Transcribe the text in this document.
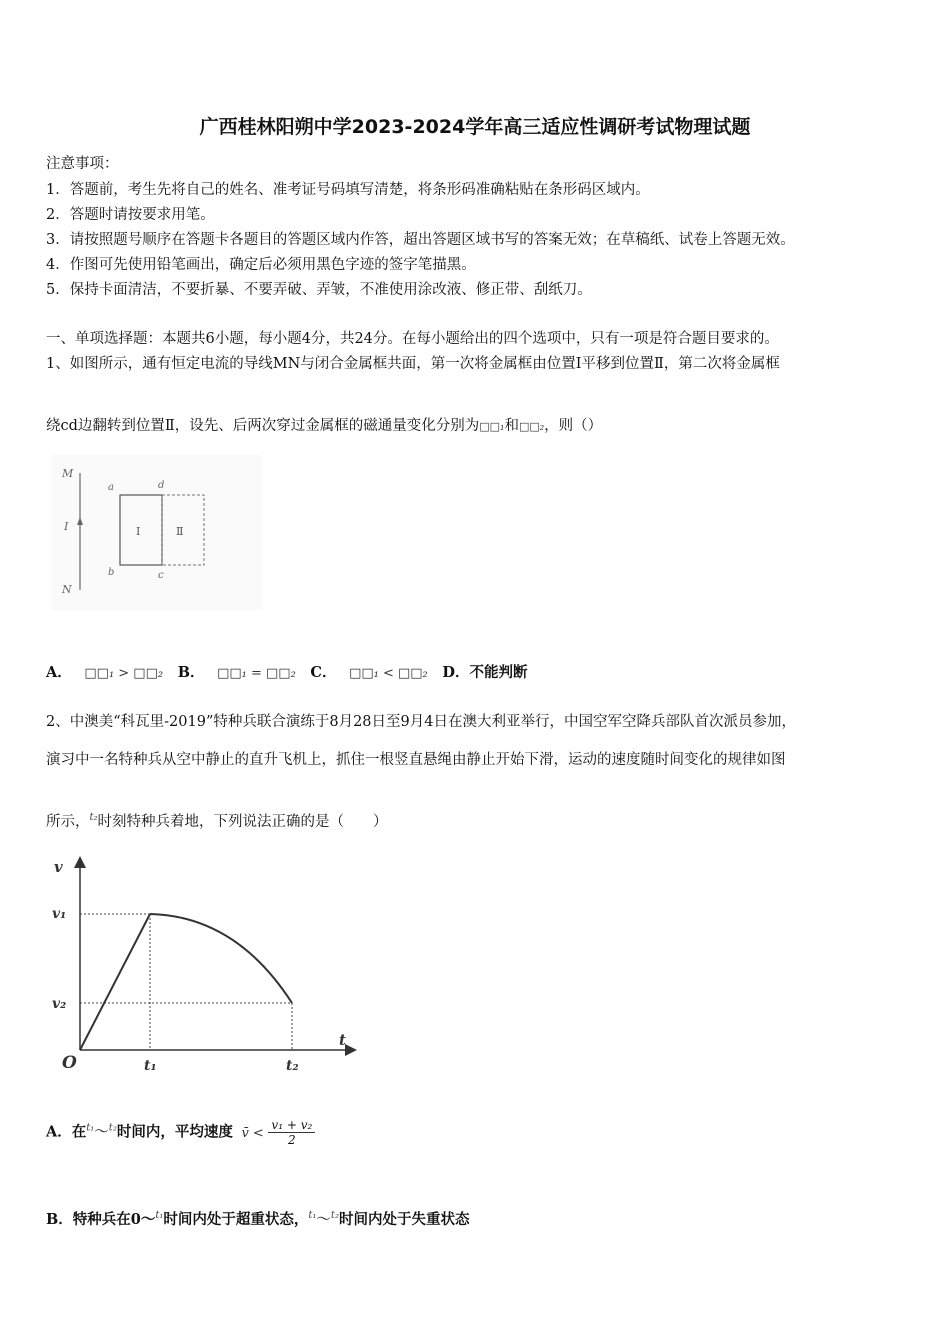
广西桂林阳朔中学2023-2024学年高三适应性调研考试物理试题
注意事项：
1．答题前，考生先将自己的姓名、准考证号码填写清楚，将条形码准确粘贴在条形码区域内。
2．答题时请按要求用笔。
3．请按照题号顺序在答题卡各题目的答题区域内作答，超出答题区域书写的答案无效；在草稿纸、试卷上答题无效。
4．作图可先使用铅笔画出，确定后必须用黑色字迹的签字笔描黑。
5．保持卡面清洁，不要折暴、不要弄破、弄皱，不准使用涂改液、修正带、刮纸刀。
一、单项选择题：本题共6小题，每小题4分，共24分。在每小题给出的四个选项中，只有一项是符合题目要求的。
1、如图所示，通有恒定电流的导线MN与闭合金属框共面，第一次将金属框由位置Ⅰ平移到位置Ⅱ，第二次将金属框
绕cd边翻转到位置Ⅱ，设先、后两次穿过金属框的磁通量变化分别为□□₁和□□₂，则（）
M
I
N
a	d
b	c
Ⅰ	Ⅱ
A． □□₁ > □□₂ B． □□₁ = □□₂ C． □□₁ < □□₂ D．不能判断
2、中澳美“科瓦里-2019”特种兵联合演练于8月28日至9月4日在澳大利亚举行，中国空军空降兵部队首次派员参加，
演习中一名特种兵从空中静止的直升飞机上，抓住一根竖直悬绳由静止开始下滑，运动的速度随时间变化的规律如图
所示，$^{t_2}$时刻特种兵着地，下列说法正确的是（　　）
v
t
O
v₁
v₂
t₁	t₂
A．在$^{t_1}$～$^{t_2}$时间内，平均速度 v̄ < $\frac{\text{v₁ + v₂}}{2}$
B．特种兵在0～$^{t_1}$时间内处于超重状态，$^{t_1}$～$^{t_2}$时间内处于失重状态
